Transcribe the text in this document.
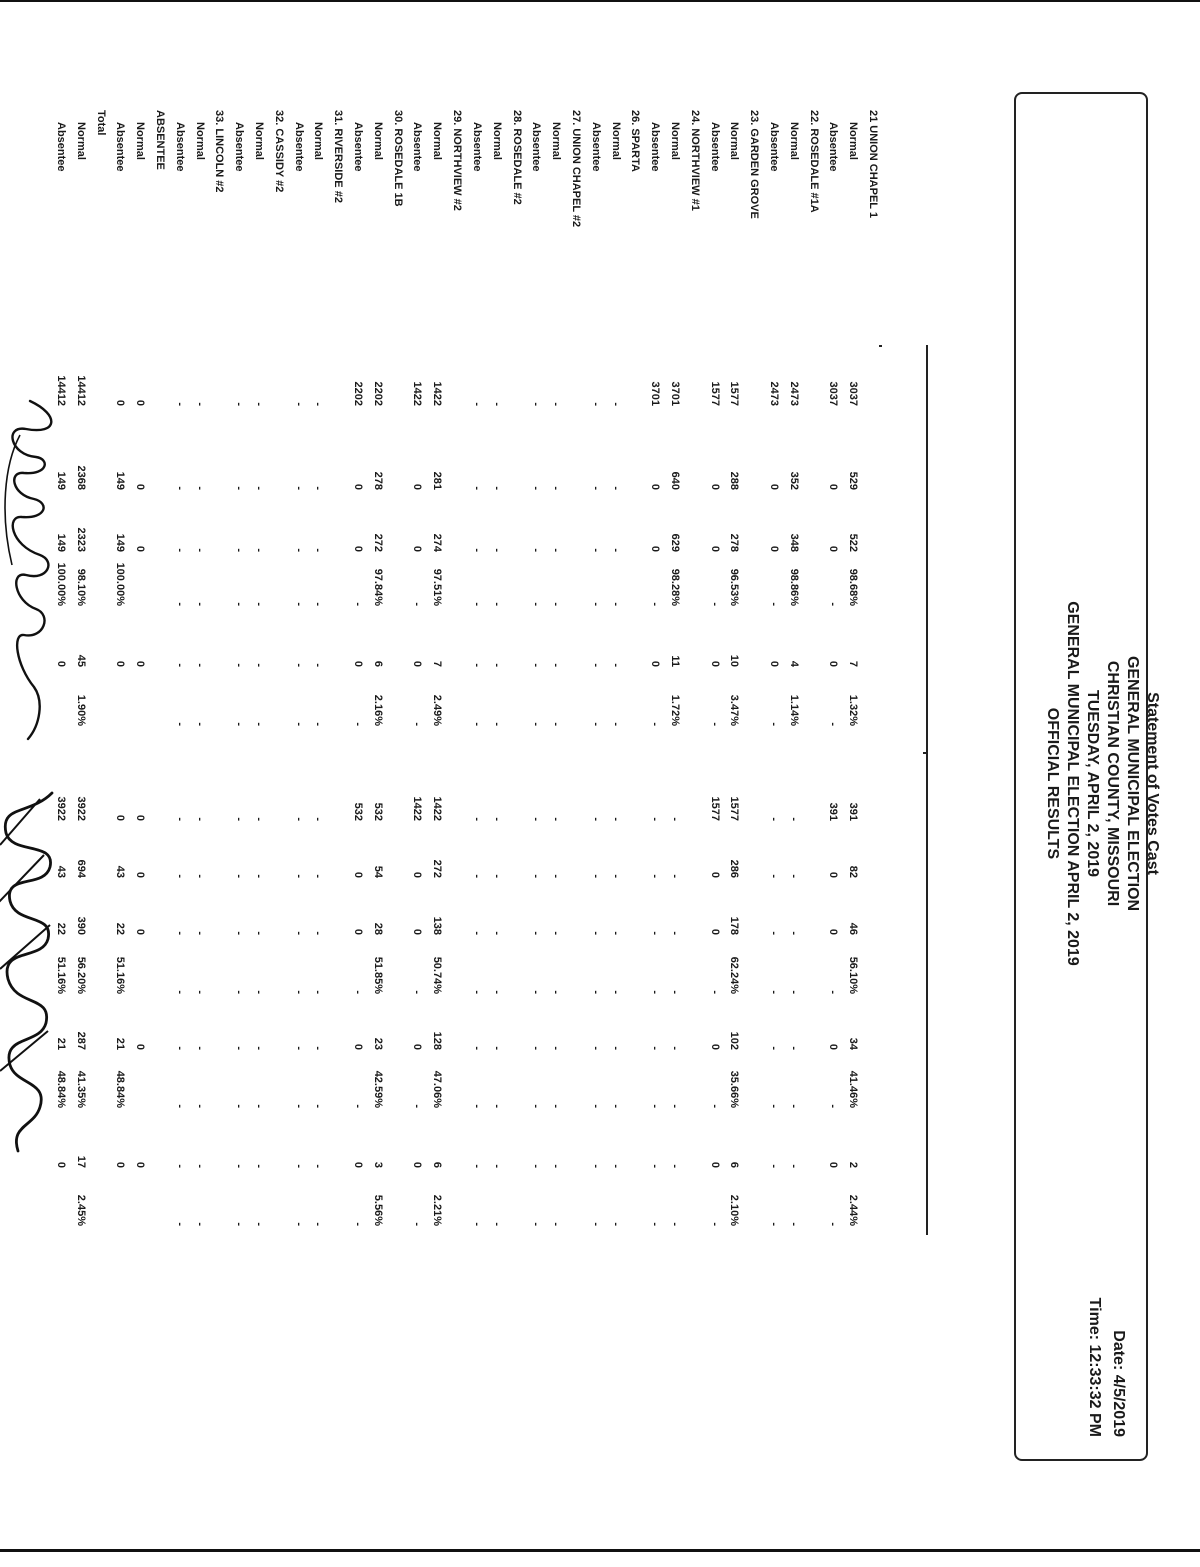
Date: 4/5/2019
Time: 12:33:32 PM
Statement of Votes Cast
GENERAL MUNICIPAL ELECTION
CHRISTIAN COUNTY, MISSOURI
TUESDAY, APRIL 2, 2019
GENERAL MUNICIPAL ELECTION APRIL 2, 2019
OFFICIAL RESULTS
21 UNION CHAPEL 1
Normal
3037
529
522
98.68%
7
1.32%
391
82
46
56.10%
34
41.46%
2
2.44%
Absentee
3037
0
0
-
0
-
391
0
0
-
0
-
0
-
22. ROSEDALE #1A
Normal
2473
352
348
98.86%
4
1.14%
-
-
-
-
-
-
-
-
Absentee
2473
0
0
-
0
-
-
-
-
-
-
-
-
-
23. GARDEN GROVE
Normal
1577
288
278
96.53%
10
3.47%
1577
286
178
62.24%
102
35.66%
6
2.10%
Absentee
1577
0
0
-
0
-
1577
0
0
-
0
-
0
-
24. NORTHVIEW #1
Normal
3701
640
629
98.28%
11
1.72%
-
-
-
-
-
-
-
-
Absentee
3701
0
0
-
0
-
-
-
-
-
-
-
-
-
26. SPARTA
Normal
-
-
-
-
-
-
-
-
-
-
-
-
-
-
Absentee
-
-
-
-
-
-
-
-
-
-
-
-
-
-
27. UNION CHAPEL #2
Normal
-
-
-
-
-
-
-
-
-
-
-
-
-
-
Absentee
-
-
-
-
-
-
-
-
-
-
-
-
-
-
28. ROSEDALE #2
Normal
-
-
-
-
-
-
-
-
-
-
-
-
-
-
Absentee
-
-
-
-
-
-
-
-
-
-
-
-
-
-
29. NORTHVIEW #2
Normal
1422
281
274
97.51%
7
2.49%
1422
272
138
50.74%
128
47.06%
6
2.21%
Absentee
1422
0
0
-
0
-
1422
0
0
-
0
-
0
-
30. ROSEDALE 1B
Normal
2202
278
272
97.84%
6
2.16%
532
54
28
51.85%
23
42.59%
3
5.56%
Absentee
2202
0
0
-
0
-
532
0
0
-
0
-
0
-
31. RIVERSIDE #2
Normal
-
-
-
-
-
-
-
-
-
-
-
-
-
-
Absentee
-
-
-
-
-
-
-
-
-
-
-
-
-
-
32. CASSIDY #2
Normal
-
-
-
-
-
-
-
-
-
-
-
-
-
-
Absentee
-
-
-
-
-
-
-
-
-
-
-
-
-
-
33. LINCOLN #2
Normal
-
-
-
-
-
-
-
-
-
-
-
-
-
-
Absentee
-
-
-
-
-
-
-
-
-
-
-
-
-
-
ABSENTEE
Normal
0
0
0
0
0
0
0
0
0
Absentee
0
149
149
100.00%
0
0
43
22
51.16%
21
48.84%
0
Total
Normal
14412
2368
2323
98.10%
45
1.90%
3922
694
390
56.20%
287
41.35%
17
2.45%
Absentee
14412
149
149
100.00%
0
3922
43
22
51.16%
21
48.84%
0
